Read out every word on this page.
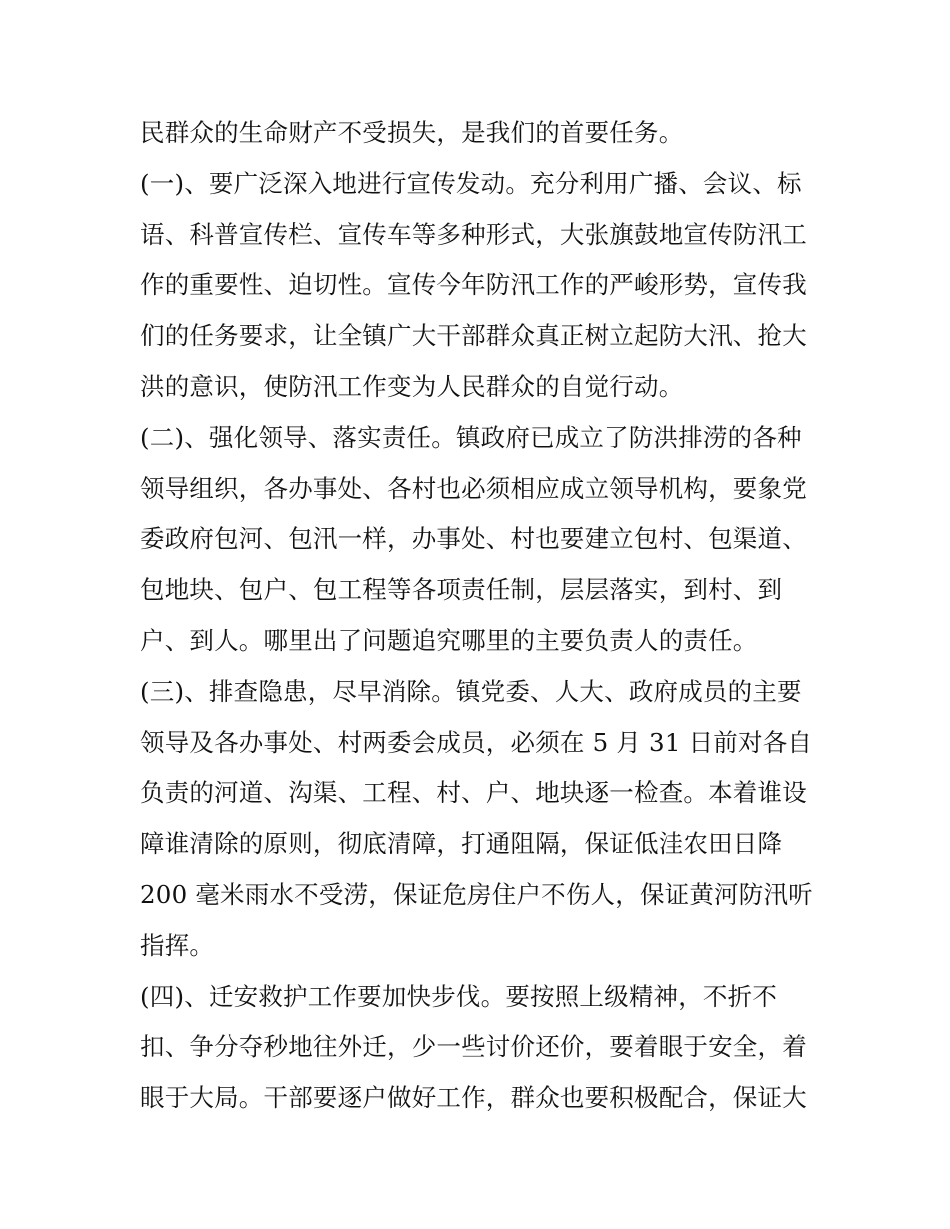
民群众的生命财产不受损失，是我们的首要任务。
(一)、要广泛深入地进行宣传发动。充分利用广播、会议、标
语、科普宣传栏、宣传车等多种形式，大张旗鼓地宣传防汛工
作的重要性、迫切性。宣传今年防汛工作的严峻形势，宣传我
们的任务要求，让全镇广大干部群众真正树立起防大汛、抢大
洪的意识，使防汛工作变为人民群众的自觉行动。
(二)、强化领导、落实责任。镇政府已成立了防洪排涝的各种
领导组织，各办事处、各村也必须相应成立领导机构，要象党
委政府包河、包汛一样，办事处、村也要建立包村、包渠道、
包地块、包户、包工程等各项责任制，层层落实，到村、到
户、到人。哪里出了问题追究哪里的主要负责人的责任。
(三)、排查隐患，尽早消除。镇党委、人大、政府成员的主要
领导及各办事处、村两委会成员，必须在 5 月 31 日前对各自
负责的河道、沟渠、工程、村、户、地块逐一检查。本着谁设
障谁清除的原则，彻底清障，打通阻隔，保证低洼农田日降
200 毫米雨水不受涝，保证危房住户不伤人，保证黄河防汛听
指挥。
(四)、迁安救护工作要加快步伐。要按照上级精神，不折不
扣、争分夺秒地往外迁，少一些讨价还价，要着眼于安全，着
眼于大局。干部要逐户做好工作，群众也要积极配合，保证大
